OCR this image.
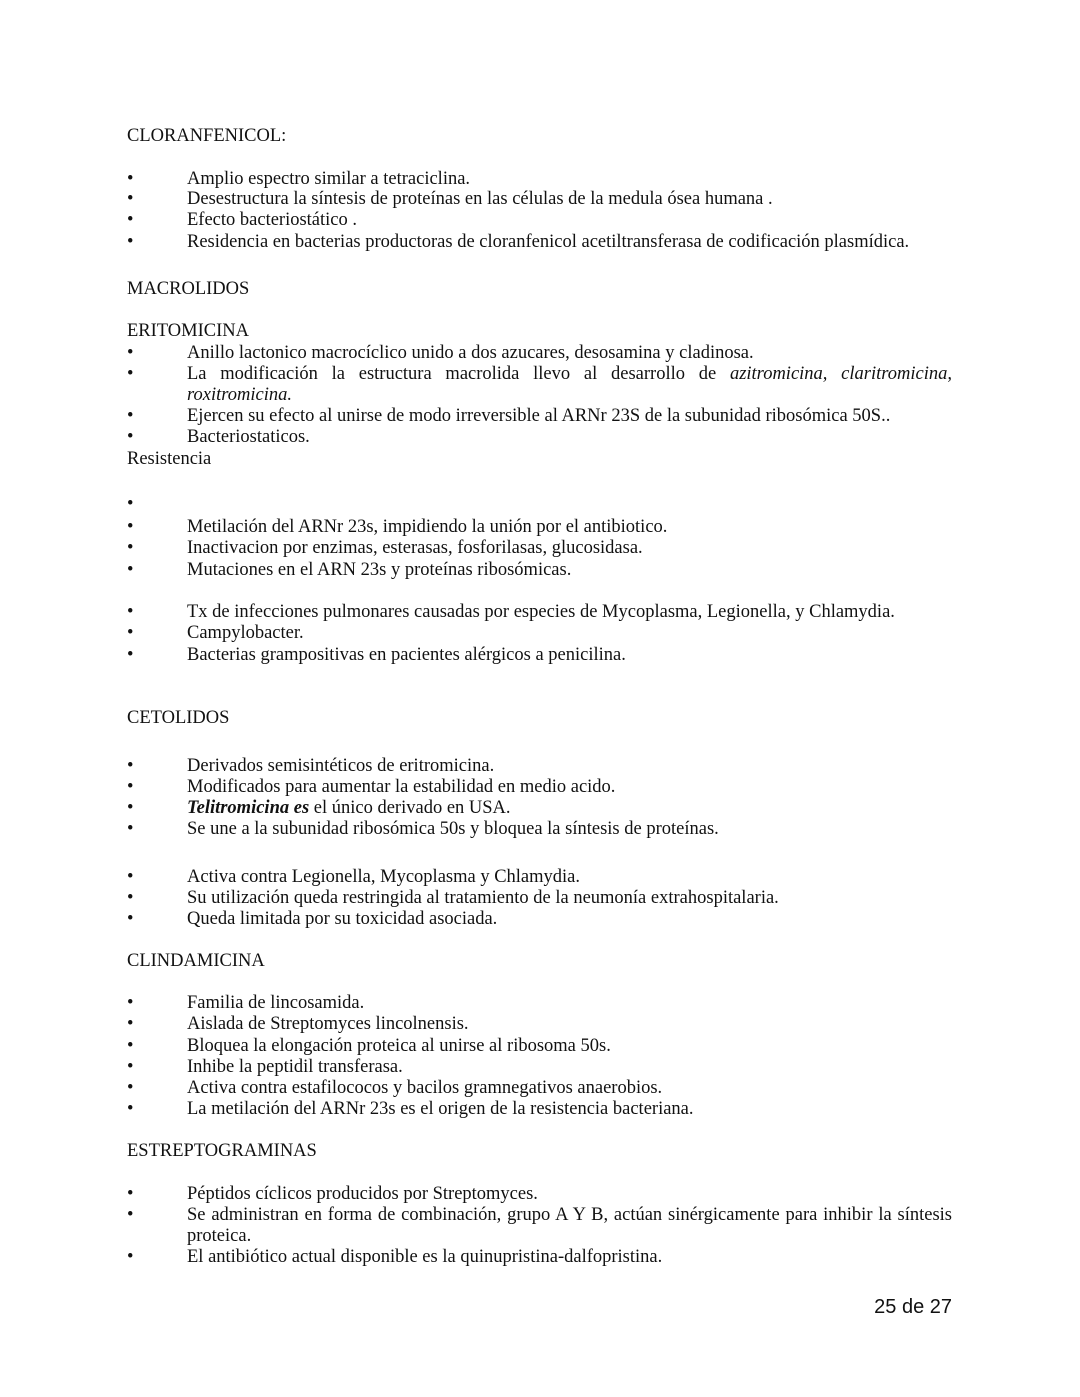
CLORANFENICOL:
•	Amplio espectro similar a tetraciclina.
•	Desestructura la síntesis de proteínas en las células de la medula ósea humana .
•	Efecto bacteriostático .
•	Residencia en bacterias productoras de cloranfenicol acetiltransferasa de codificación plasmídica.
MACROLIDOS
ERITOMICINA
•	Anillo lactonico macrocíclico unido a dos azucares, desosamina y cladinosa.
•	La modificación la estructura macrolida llevo al desarrollo de azitromicina, claritromicina, roxitromicina.
•	Ejercen su efecto al unirse de modo irreversible al ARNr 23S de la subunidad ribosómica 50S..
•	Bacteriostaticos.
Resistencia
•
•	Metilación del ARNr 23s, impidiendo la unión por el antibiotico.
•	Inactivacion por enzimas, esterasas, fosforilasas, glucosidasa.
•	Mutaciones en el ARN 23s y proteínas ribosómicas.
•	Tx de infecciones pulmonares causadas por especies de Mycoplasma, Legionella, y Chlamydia.
•	Campylobacter.
•	Bacterias grampositivas en pacientes alérgicos a penicilina.
CETOLIDOS
•	Derivados semisintéticos de eritromicina.
•	Modificados para aumentar la estabilidad en medio acido.
•	Telitromicina es el único derivado en USA.
•	Se une a la subunidad ribosómica 50s y bloquea la síntesis de proteínas.
•	Activa contra Legionella, Mycoplasma y Chlamydia.
•	Su utilización queda restringida al tratamiento de la neumonía extrahospitalaria.
•	Queda limitada por su toxicidad asociada.
CLINDAMICINA
•	Familia de lincosamida.
•	Aislada de Streptomyces lincolnensis.
•	Bloquea la elongación proteica al unirse al ribosoma 50s.
•	Inhibe la peptidil transferasa.
•	Activa contra estafilococos y bacilos gramnegativos anaerobios.
•	La metilación del ARNr 23s es el origen de la resistencia bacteriana.
ESTREPTOGRAMINAS
•	Péptidos cíclicos producidos por Streptomyces.
•	Se administran en forma de combinación, grupo A Y B, actúan sinérgicamente para inhibir la síntesis proteica.
•	El antibiótico actual disponible es la quinupristina-dalfopristina.
25 de 27
